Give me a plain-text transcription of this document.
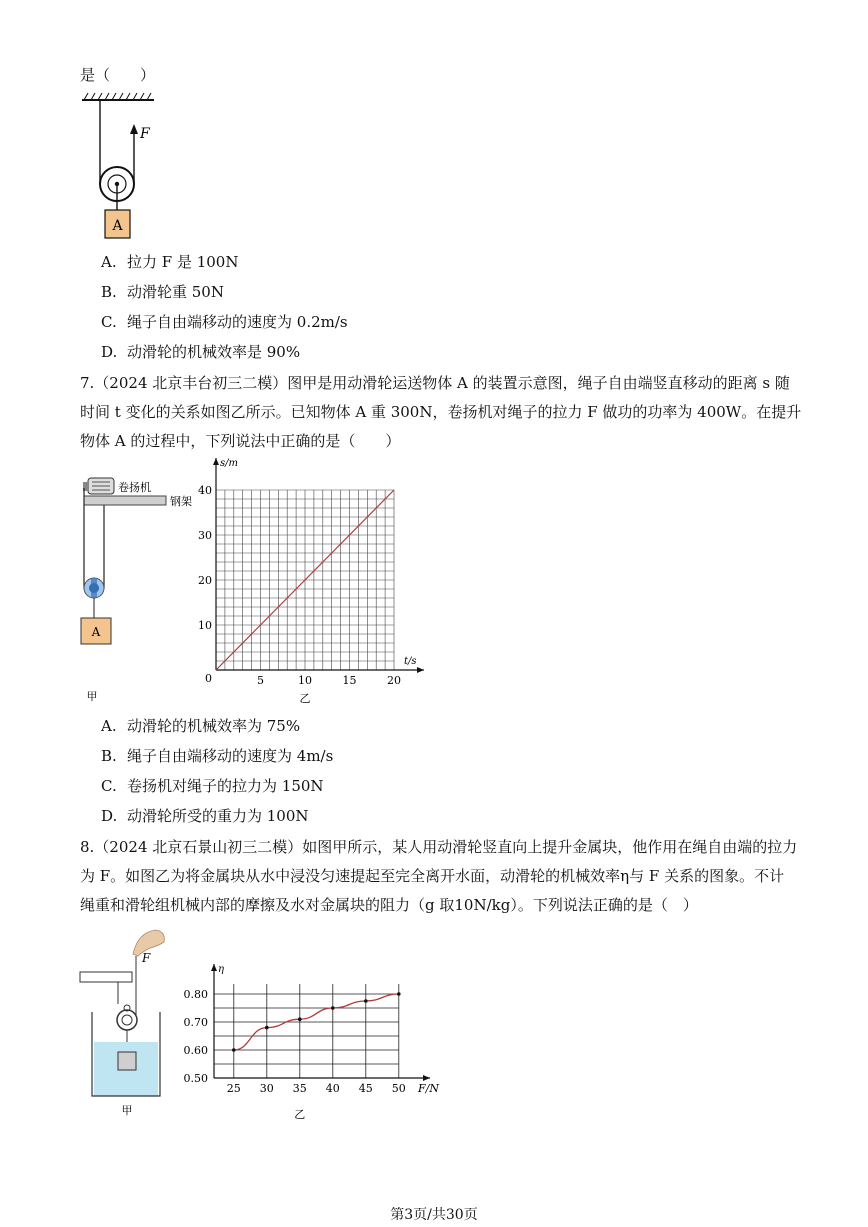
是（　　）
F
A
A. 拉力 F 是 100N
B. 动滑轮重 50N
C. 绳子自由端移动的速度为 0.2m/s
D. 动滑轮的机械效率是 90%
7.（2024 北京丰台初三二模）图甲是用动滑轮运送物体 A 的装置示意图，绳子自由端竖直移动的距离 s 随
时间 t 变化的关系如图乙所示。已知物体 A 重 300N，卷扬机对绳子的拉力 F 做功的功率为 400W。在提升
物体 A 的过程中，下列说法中正确的是（　　）
卷扬机
钢架
A
甲
5	10	15	20
0
10
20
30
40
t/s
s/m
乙
A. 动滑轮的机械效率为 75%
B. 绳子自由端移动的速度为 4m/s
C. 卷扬机对绳子的拉力为 150N
D. 动滑轮所受的重力为 100N
8.（2024 北京石景山初三二模）如图甲所示，某人用动滑轮竖直向上提升金属块，他作用在绳自由端的拉力
为 F。如图乙为将金属块从水中浸没匀速提起至完全离开水面，动滑轮的机械效率η与 F 关系的图象。不计
绳重和滑轮组机械内部的摩擦及水对金属块的阻力（g 取10N/kg）。下列说法正确的是（　）
F
甲
25 30 35 40 45 50
0.50
0.60
0.70
0.80
F/N
η
乙
第3页/共30页
